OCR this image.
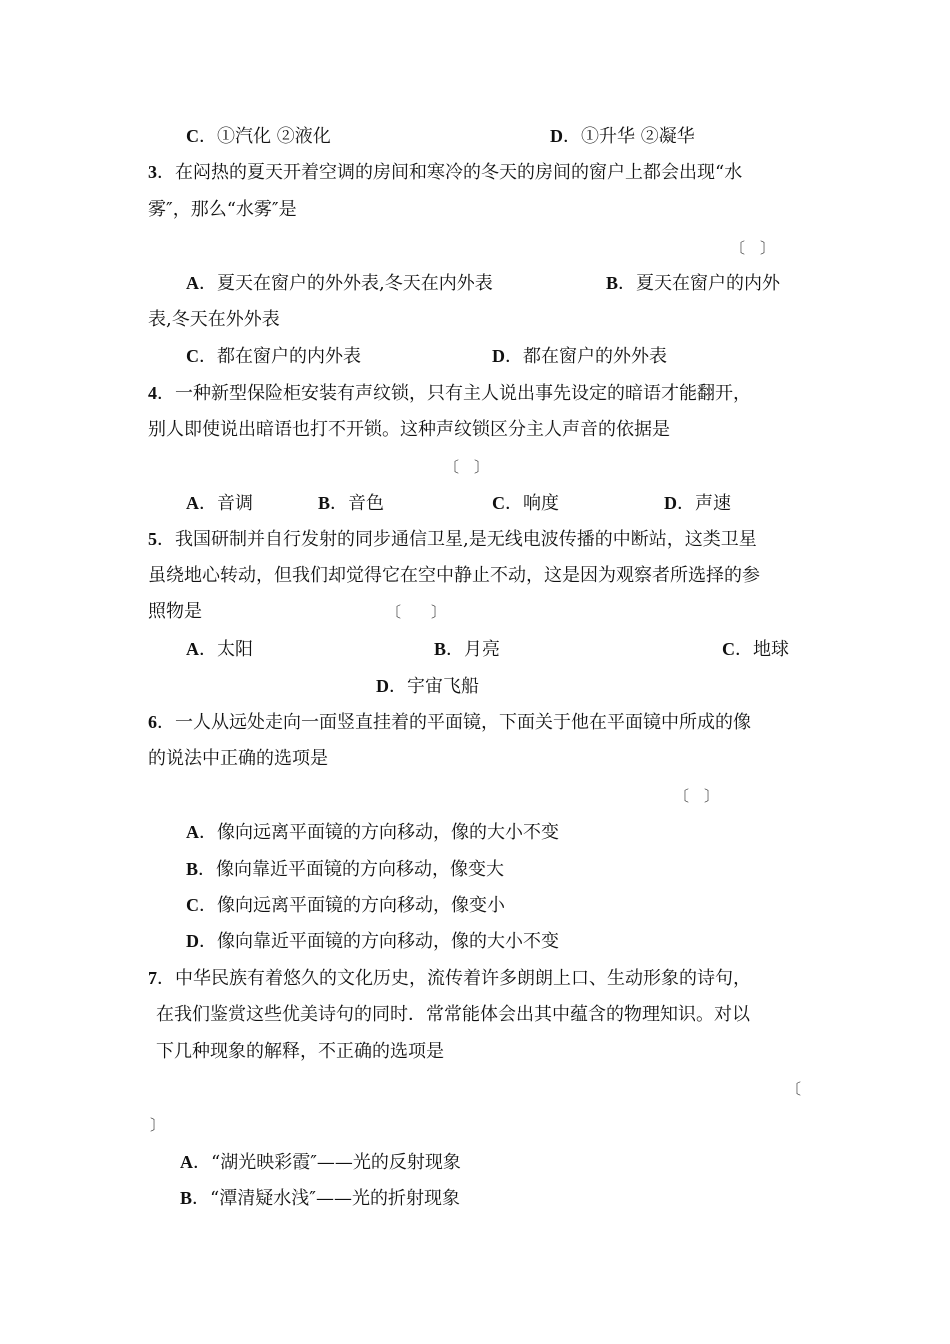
C．①汽化 ②液化	D．①升华 ②凝华
3．在闷热的夏天开着空调的房间和寒冷的冬天的房间的窗户上都会出现“水
雾″，那么“水雾″是
〔　〕
A．夏天在窗户的外外表,冬天在内外表	B．夏天在窗户的内外
表,冬天在外外表
C．都在窗户的内外表	D．都在窗户的外外表
4．一种新型保险柜安装有声纹锁，只有主人说出事先设定的暗语才能翻开，
别人即使说出暗语也打不开锁。这种声纹锁区分主人声音的依据是
〔　〕
A．音调	B．音色	C．响度	D．声速
5．我国研制并自行发射的同步通信卫星,是无线电波传播的中断站，这类卫星
虽绕地心转动，但我们却觉得它在空中静止不动，这是因为观察者所选择的参
照物是	〔　　〕
A．太阳	B．月亮	C．地球
D．宇宙飞船
6．一人从远处走向一面竖直挂着的平面镜，下面关于他在平面镜中所成的像
的说法中正确的选项是
〔　〕
A．像向远离平面镜的方向移动，像的大小不变
B．像向靠近平面镜的方向移动，像变大
C．像向远离平面镜的方向移动，像变小
D．像向靠近平面镜的方向移动，像的大小不变
7．中华民族有着悠久的文化历史，流传着许多朗朗上口、生动形象的诗句，
在我们鉴赏这些优美诗句的同时．常常能体会出其中蕴含的物理知识。对以
下几种现象的解释，不正确的选项是
〔
〕
A．“湖光映彩霞″——光的反射现象
B．“潭清疑水浅″——光的折射现象
